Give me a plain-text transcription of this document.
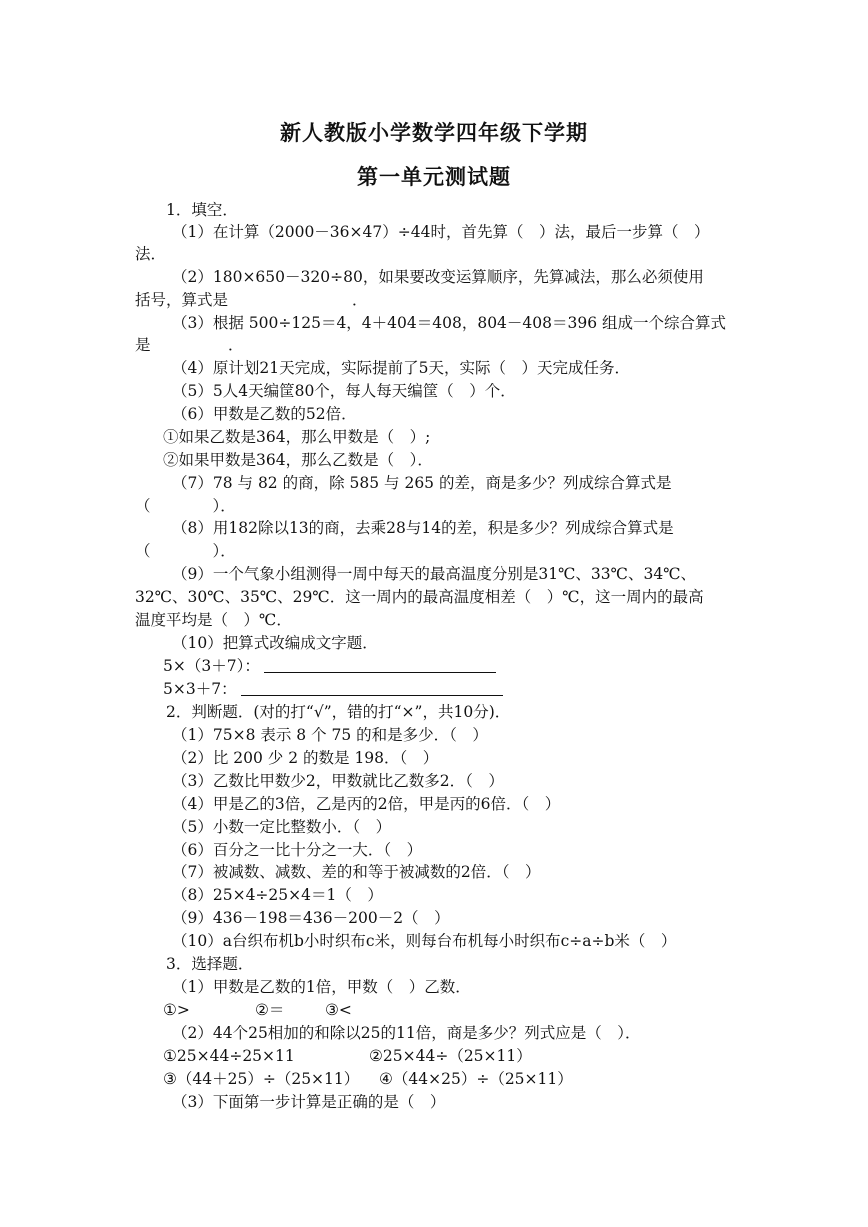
新人教版小学数学四年级下学期
第一单元测试题
1．填空．
（1）在计算（2000－36×47）÷44时，首先算（　）法，最后一步算（　）
法．
（2）180×650－320÷80，如果要改变运算顺序，先算减法，那么必须使用
括号，算式是　　　　　　　　．
（3）根据 500÷125＝4，4＋404＝408，804－408＝396 组成一个综合算式
是　　　　　．
（4）原计划21天完成，实际提前了5天，实际（　）天完成任务．
（5）5人4天编筐80个，每人每天编筐（　）个．
（6）甲数是乙数的52倍．
①如果乙数是364，那么甲数是（　）;
②如果甲数是364，那么乙数是（　）．
（7）78 与 82 的商，除 585 与 265 的差，商是多少？列成综合算式是
（　　　　）．
（8）用182除以13的商，去乘28与14的差，积是多少？列成综合算式是
（　　　　）．
（9）一个气象小组测得一周中每天的最高温度分别是31℃、33℃、34℃、
32℃、30℃、35℃、29℃．这一周内的最高温度相差（　）℃，这一周内的最高
温度平均是（　）℃．
（10）把算式改编成文字题．
5×（3＋7）：
5×3＋7：
2．判断题．(对的打“√”，错的打“×”，共10分)．
（1）75×8 表示 8 个 75 的和是多少．（　）
（2）比 200 少 2 的数是 198．（　）
（3）乙数比甲数少2，甲数就比乙数多2．（　）
（4）甲是乙的3倍，乙是丙的2倍，甲是丙的6倍．（　）
（5）小数一定比整数小．（　）
（6）百分之一比十分之一大．（　）
（7）被减数、减数、差的和等于被减数的2倍．（　）
（8）25×4÷25×4＝1（　）
（9）436－198＝436－200－2（　）
（10）a台织布机b小时织布c米，则每台布机每小时织布c÷a÷b米（　）
3．选择题．
（1）甲数是乙数的1倍，甲数（　）乙数．
①>	②＝	③<
（2）44个25相加的和除以25的11倍，商是多少？列式应是（　）．
①25×44÷25×11	②25×44÷（25×11）
③（44＋25）÷（25×11） ④（44×25）÷（25×11）
（3）下面第一步计算是正确的是（　）
